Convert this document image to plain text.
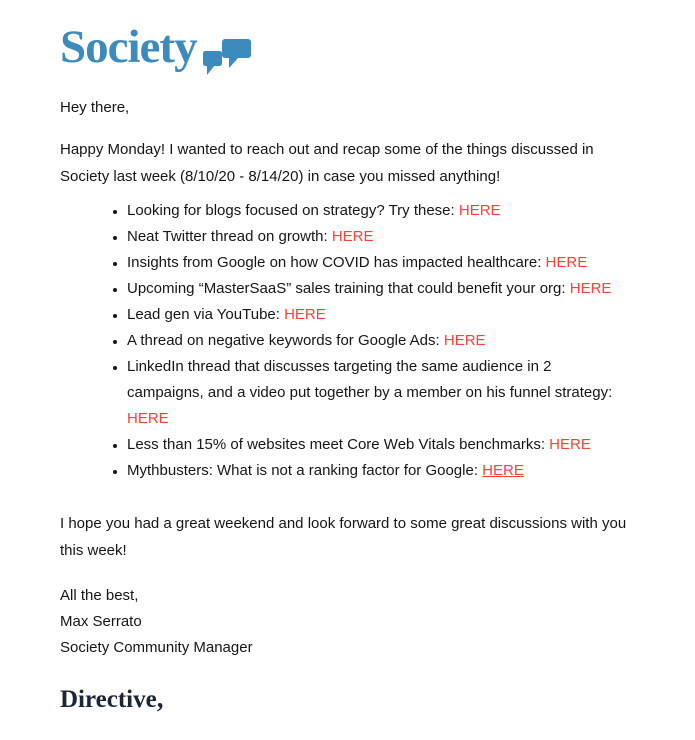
Society

Hey there,

Happy Monday! I wanted to reach out and recap some of the things discussed in Society last week (8/10/20 - 8/14/20) in case you missed anything!

• Looking for blogs focused on strategy? Try these: HERE
• Neat Twitter thread on growth: HERE
• Insights from Google on how COVID has impacted healthcare: HERE
• Upcoming “MasterSaaS” sales training that could benefit your org: HERE
• Lead gen via YouTube: HERE
• A thread on negative keywords for Google Ads: HERE
• LinkedIn thread that discusses targeting the same audience in 2 campaigns, and a video put together by a member on his funnel strategy: HERE
• Less than 15% of websites meet Core Web Vitals benchmarks: HERE
• Mythbusters: What is not a ranking factor for Google: HERE

I hope you had a great weekend and look forward to some great discussions with you this week!

All the best,

Max Serrato

Society Community Manager

Directive,
